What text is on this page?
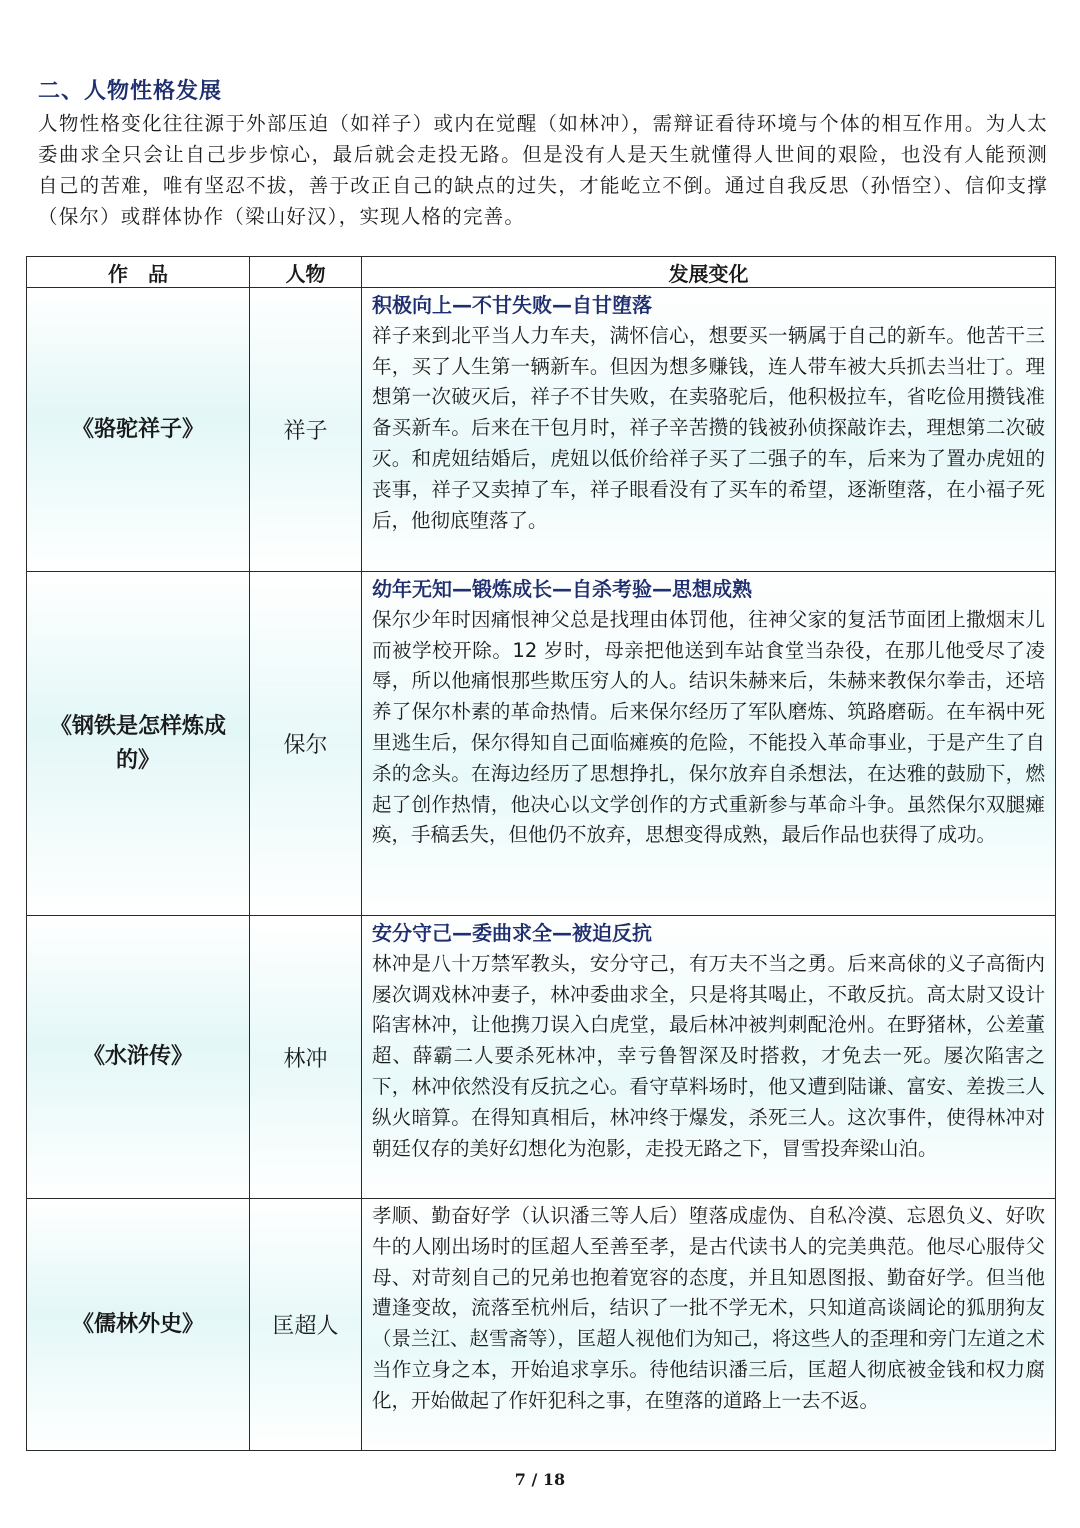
二、人物性格发展
人物性格变化往往源于外部压迫（如祥子）或内在觉醒（如林冲），需辩证看待环境与个体的相互作用。为人太委曲求全只会让自己步步惊心，最后就会走投无路。但是没有人是天生就懂得人世间的艰险，也没有人能预测自己的苦难，唯有坚忍不拔，善于改正自己的缺点的过失，才能屹立不倒。通过自我反思（孙悟空）、信仰支撑（保尔）或群体协作（梁山好汉），实现人格的完善。
作　品	人物	发展变化
《骆驼祥子》	祥子	积极向上—不甘失败—自甘堕落
祥子来到北平当人力车夫，满怀信心，想要买一辆属于自己的新车。他苦干三年，买了人生第一辆新车。但因为想多赚钱，连人带车被大兵抓去当壮丁。理想第一次破灭后，祥子不甘失败，在卖骆驼后，他积极拉车，省吃俭用攒钱准备买新车。后来在干包月时，祥子辛苦攒的钱被孙侦探敲诈去，理想第二次破灭。和虎妞结婚后，虎妞以低价给祥子买了二强子的车，后来为了置办虎妞的丧事，祥子又卖掉了车，祥子眼看没有了买车的希望，逐渐堕落，在小福子死后，他彻底堕落了。

《钢铁是怎样炼成的》	保尔	幼年无知—锻炼成长—自杀考验—思想成熟
保尔少年时因痛恨神父总是找理由体罚他，往神父家的复活节面团上撒烟末儿而被学校开除。12 岁时，母亲把他送到车站食堂当杂役，在那儿他受尽了凌辱，所以他痛恨那些欺压穷人的人。结识朱赫来后，朱赫来教保尔拳击，还培养了保尔朴素的革命热情。后来保尔经历了军队磨炼、筑路磨砺。在车祸中死里逃生后，保尔得知自己面临瘫痪的危险，不能投入革命事业，于是产生了自杀的念头。在海边经历了思想挣扎，保尔放弃自杀想法，在达雅的鼓励下，燃起了创作热情，他决心以文学创作的方式重新参与革命斗争。虽然保尔双腿瘫痪，手稿丢失，但他仍不放弃，思想变得成熟，最后作品也获得了成功。

《水浒传》	林冲	安分守己—委曲求全—被迫反抗
林冲是八十万禁军教头，安分守己，有万夫不当之勇。后来高俅的义子高衙内屡次调戏林冲妻子，林冲委曲求全，只是将其喝止，不敢反抗。高太尉又设计陷害林冲，让他携刀误入白虎堂，最后林冲被判刺配沧州。在野猪林，公差董超、薛霸二人要杀死林冲，幸亏鲁智深及时搭救，才免去一死。屡次陷害之下，林冲依然没有反抗之心。看守草料场时，他又遭到陆谦、富安、差拨三人纵火暗算。在得知真相后，林冲终于爆发，杀死三人。这次事件，使得林冲对朝廷仅存的美好幻想化为泡影，走投无路之下，冒雪投奔梁山泊。

《儒林外史》	匡超人	孝顺、勤奋好学（认识潘三等人后）堕落成虚伪、自私冷漠、忘恩负义、好吹牛的人刚出场时的匡超人至善至孝，是古代读书人的完美典范。他尽心服侍父母、对苛刻自己的兄弟也抱着宽容的态度，并且知恩图报、勤奋好学。但当他遭逢变故，流落至杭州后，结识了一批不学无术，只知道高谈阔论的狐朋狗友（景兰江、赵雪斋等），匡超人视他们为知己，将这些人的歪理和旁门左道之术当作立身之本，开始追求享乐。待他结识潘三后，匡超人彻底被金钱和权力腐化，开始做起了作奸犯科之事，在堕落的道路上一去不返。
7 / 18
